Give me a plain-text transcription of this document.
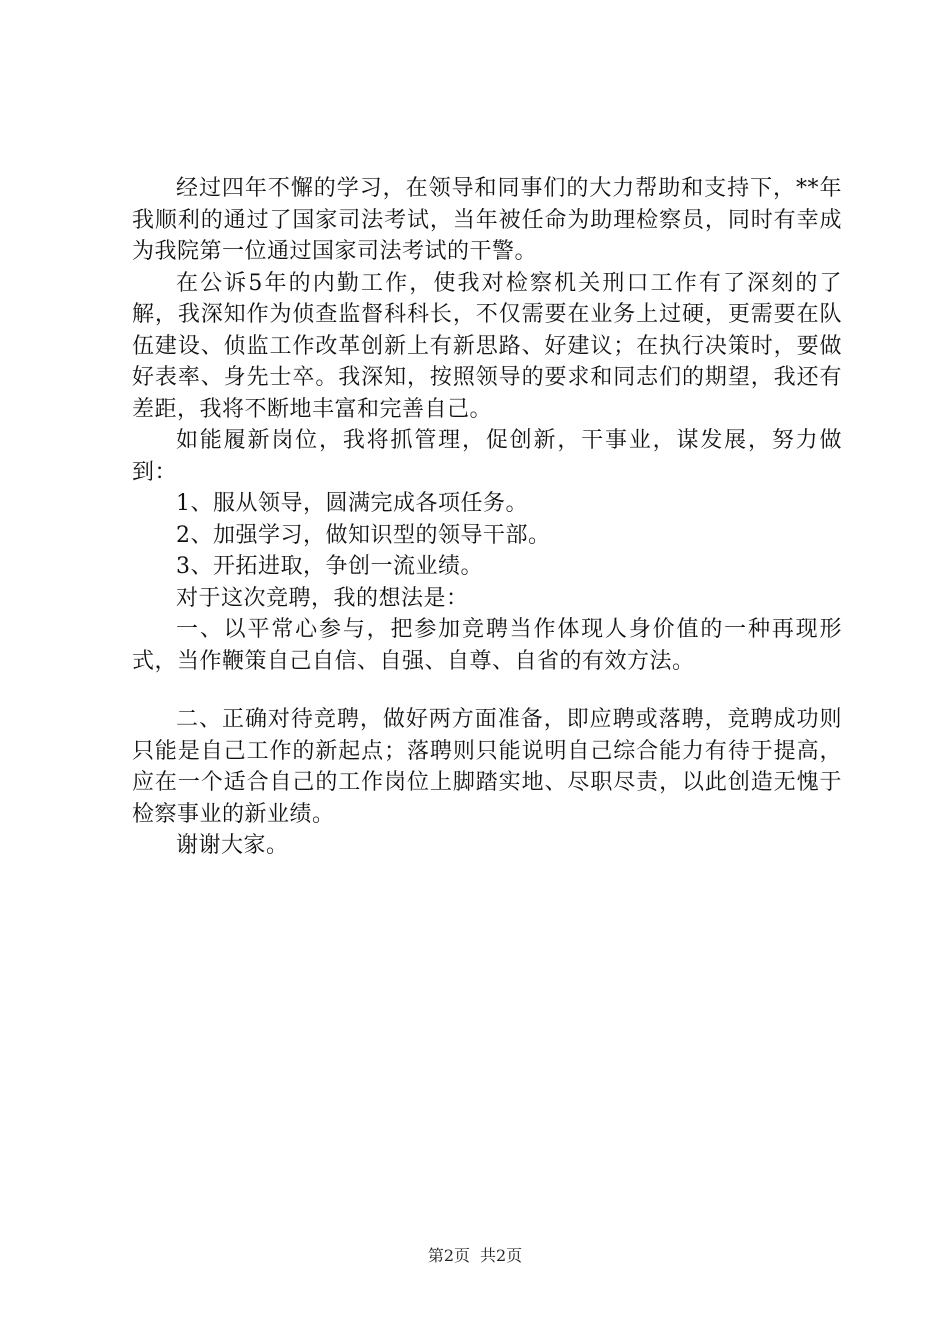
经过四年不懈的学习，在领导和同事们的大力帮助和支持下，**年我顺利的通过了国家司法考试，当年被任命为助理检察员，同时有幸成为我院第一位通过国家司法考试的干警。

在公诉5年的内勤工作，使我对检察机关刑口工作有了深刻的了解，我深知作为侦查监督科科长，不仅需要在业务上过硬，更需要在队伍建设、侦监工作改革创新上有新思路、好建议；在执行决策时，要做好表率、身先士卒。我深知，按照领导的要求和同志们的期望，我还有差距，我将不断地丰富和完善自己。

如能履新岗位，我将抓管理，促创新，干事业，谋发展，努力做到：

1、服从领导，圆满完成各项任务。

2、加强学习，做知识型的领导干部。

3、开拓进取，争创一流业绩。

对于这次竞聘，我的想法是：

一、以平常心参与，把参加竞聘当作体现人身价值的一种再现形式，当作鞭策自己自信、自强、自尊、自省的有效方法。

二、正确对待竞聘，做好两方面准备，即应聘或落聘，竞聘成功则只能是自己工作的新起点；落聘则只能说明自己综合能力有待于提高，应在一个适合自己的工作岗位上脚踏实地、尽职尽责，以此创造无愧于检察事业的新业绩。

谢谢大家。

第2页 共2页
